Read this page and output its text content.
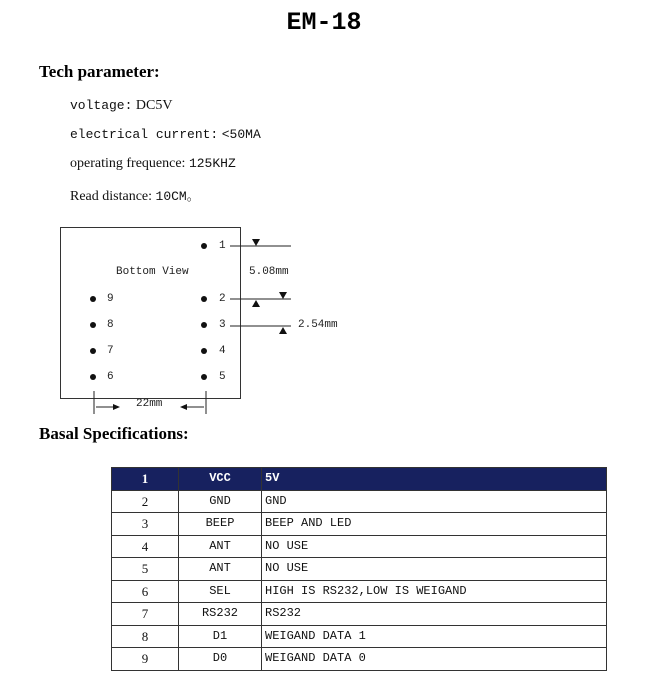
EM-18
Tech parameter:
voltage: DC5V
electrical current: <50MA
operating frequence: 125KHZ
Read distance: 10CM。
Bottom View
1
2
3
4
5
9
8
7
6
5.08mm
2.54mm
22mm
Basal Specifications:
1	VCC	5V
2	GND	GND
3	BEEP	BEEP AND LED
4	ANT	NO USE
5	ANT	NO USE
6	SEL	HIGH IS RS232,LOW IS WEIGAND
7	RS232	RS232
8	D1	WEIGAND DATA 1
9	D0	WEIGAND DATA 0
